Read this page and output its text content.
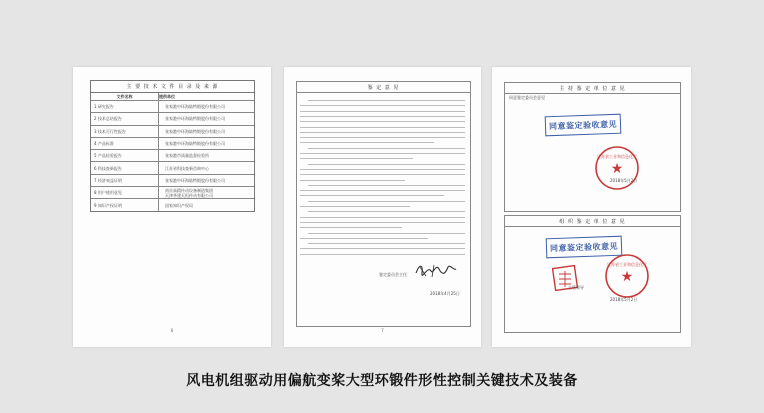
主 要 技 术 文 件 目 录 及 来 源
文件名称	提供单位
1 研究报告	张家港中环海陆特锻股份有限公司
2 技术总结报告	张家港中环海陆特锻股份有限公司
3 技术可行性报告	张家港中环海陆特锻股份有限公司
4 产品标准	张家港中环海陆特锻股份有限公司
5 产品检验报告	张家港市质量监督检验所
6 科技查新报告	江苏省科技查新咨询中心
7 经济效益证明	张家港中环海陆特锻股份有限公司
8 用户使用意见	南京高精传动设备制造集团
天津华建天恒传动有限公司
9 知识产权证明	国家知识产权局
6
鉴 定 意 见
鉴定委员会主任：
2018年4月25日
7
主 持 鉴 定 单 位 意 见
同意鉴定委员会意见
同意鉴定验收意见
★
江苏省工业和信息化厅
2018年5月2日
组 织 鉴 定 单 位 意 见
同意鉴定验收意见
★
江苏省工业和信息化厅
主管领导
2018年5月2日
风电机组驱动用偏航变桨大型环锻件形性控制关键技术及装备
